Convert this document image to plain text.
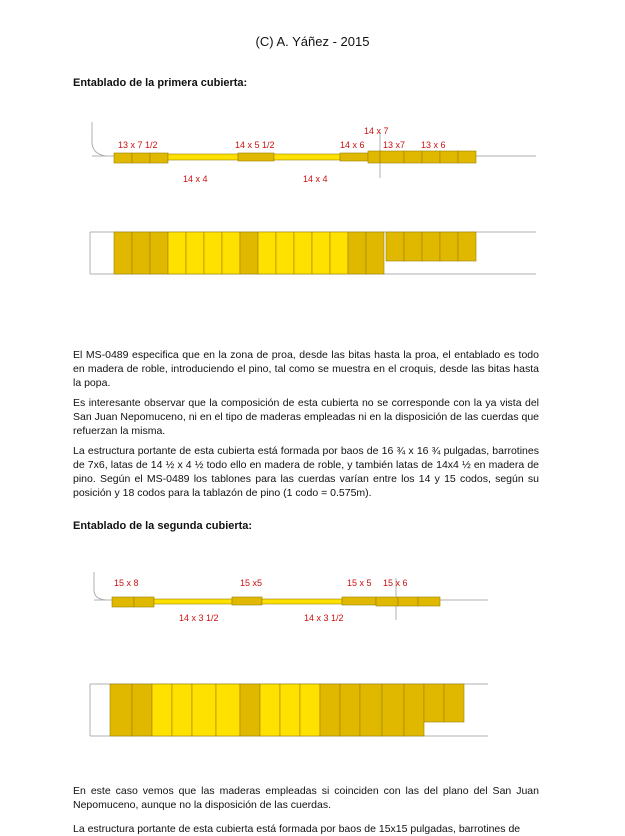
(C) A. Yáñez - 2015
Entablado de la primera cubierta:
13 x 7 1/2	14 x 5 1/2
14 x 7
14 x 6 13 x7 13 x 6
14 x 4	14 x 4
El MS-0489 especifica que en la zona de proa, desde las bitas hasta la proa, el entablado es todo en madera de roble, introduciendo el pino, tal como se muestra en el croquis, desde las bitas hasta la popa.
Es interesante observar que la composición de esta cubierta no se corresponde con la ya vista del San Juan Nepomuceno, ni en el tipo de maderas empleadas ni en la disposición de las cuerdas que refuerzan la misma.
La estructura portante de esta cubierta está formada por baos de 16 ¾ x 16 ¾ pulgadas, barrotines de 7x6, latas de 14 ½ x 4 ½ todo ello en madera de roble, y también latas de 14x4 ½ en madera de pino. Según el MS-0489 los tablones para las cuerdas varían entre los 14 y 15 codos, según su posición y 18 codos para la tablazón de pino (1 codo = 0.575m).
Entablado de la segunda cubierta:
15 x 8	15 x5	15 x 5 15 x 6
14 x 3 1/2	14 x 3 1/2
En este caso vemos que las maderas empleadas si coinciden con las del plano del San Juan Nepomuceno, aunque no la disposición de las cuerdas.
La estructura portante de esta cubierta está formada por baos de 15x15 pulgadas, barrotines de
